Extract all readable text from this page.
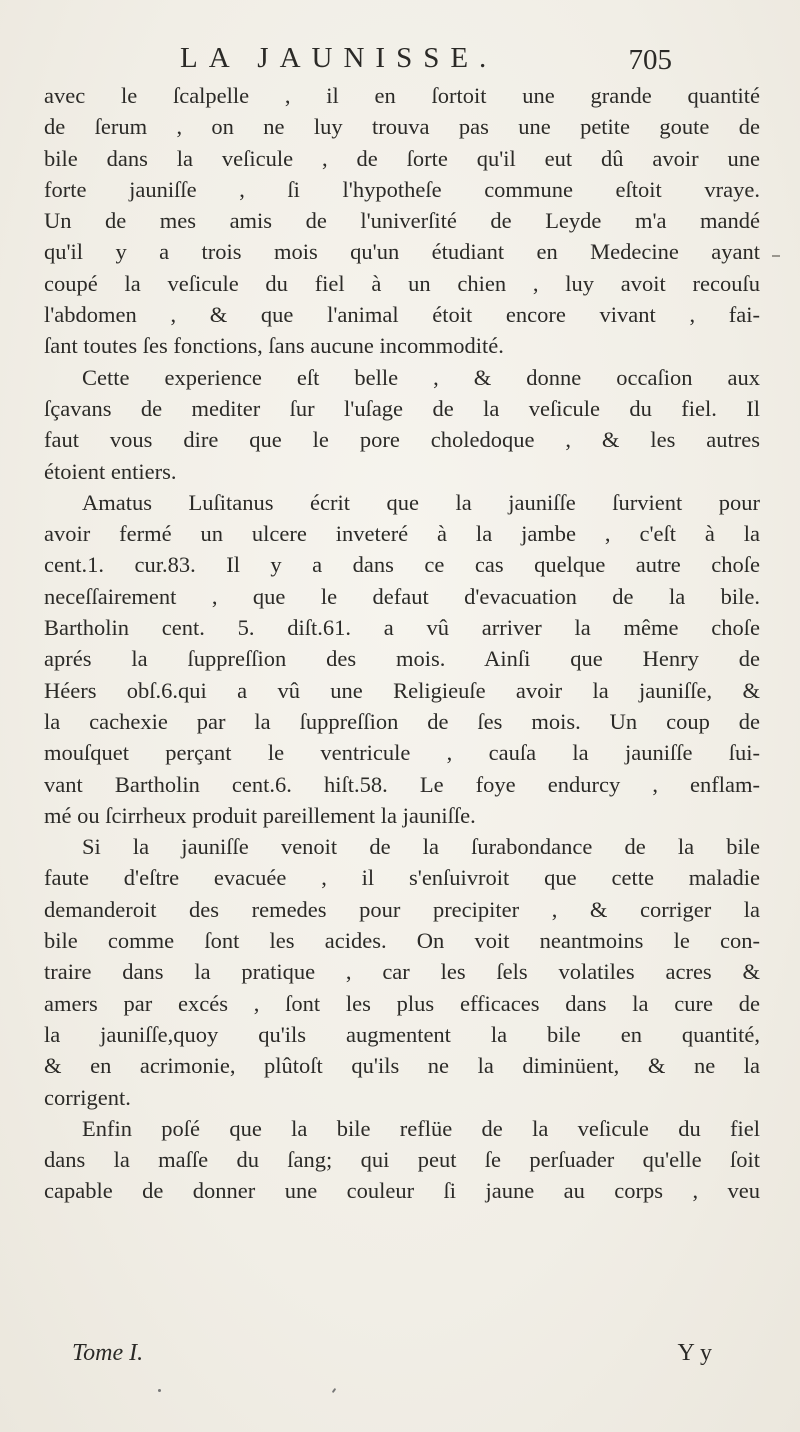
LA JAUNISSE.	705
avec le ſcalpelle , il en ſortoit une grande quantité
de ſerum , on ne luy trouva pas une petite goute de
bile dans la veſicule , de ſorte qu'il eut dû avoir une
forte jauniſſe , ſi l'hypotheſe commune eſtoit vraye.
Un de mes amis de l'univerſité de Leyde m'a mandé
qu'il y a trois mois qu'un étudiant en Medecine ayant
coupé la veſicule du fiel à un chien , luy avoit recouſu
l'abdomen , & que l'animal étoit encore vivant , fai-
ſant toutes ſes fonctions, ſans aucune incommodité.
Cette experience eſt belle , & donne occaſion aux
ſçavans de mediter ſur l'uſage de la veſicule du fiel. Il
faut vous dire que le pore choledoque , & les autres
étoient entiers.
Amatus Luſitanus écrit que la jauniſſe ſurvient pour
avoir fermé un ulcere inveteré à la jambe , c'eſt à la
cent.1. cur.83. Il y a dans ce cas quelque autre choſe
neceſſairement , que le defaut d'evacuation de la bile.
Bartholin cent. 5. diſt.61. a vû arriver la même choſe
aprés la ſuppreſſion des mois. Ainſi que Henry de
Héers obſ.6.qui a vû une Religieuſe avoir la jauniſſe, &
la cachexie par la ſuppreſſion de ſes mois. Un coup de
mouſquet perçant le ventricule , cauſa la jauniſſe ſui-
vant Bartholin cent.6. hiſt.58. Le foye endurcy , enflam-
mé ou ſcirrheux produit pareillement la jauniſſe.
Si la jauniſſe venoit de la ſurabondance de la bile
faute d'eſtre evacuée , il s'enſuivroit que cette maladie
demanderoit des remedes pour precipiter , & corriger la
bile comme ſont les acides. On voit neantmoins le con-
traire dans la pratique , car les ſels volatiles acres &
amers par excés , ſont les plus efficaces dans la cure de
la jauniſſe,quoy qu'ils augmentent la bile en quantité,
& en acrimonie, plûtoſt qu'ils ne la diminüent, & ne la
corrigent.
Enfin poſé que la bile reflüe de la veſicule du fiel
dans la maſſe du ſang; qui peut ſe perſuader qu'elle ſoit
capable de donner une couleur ſi jaune au corps , veu
Tome I.	Y y
